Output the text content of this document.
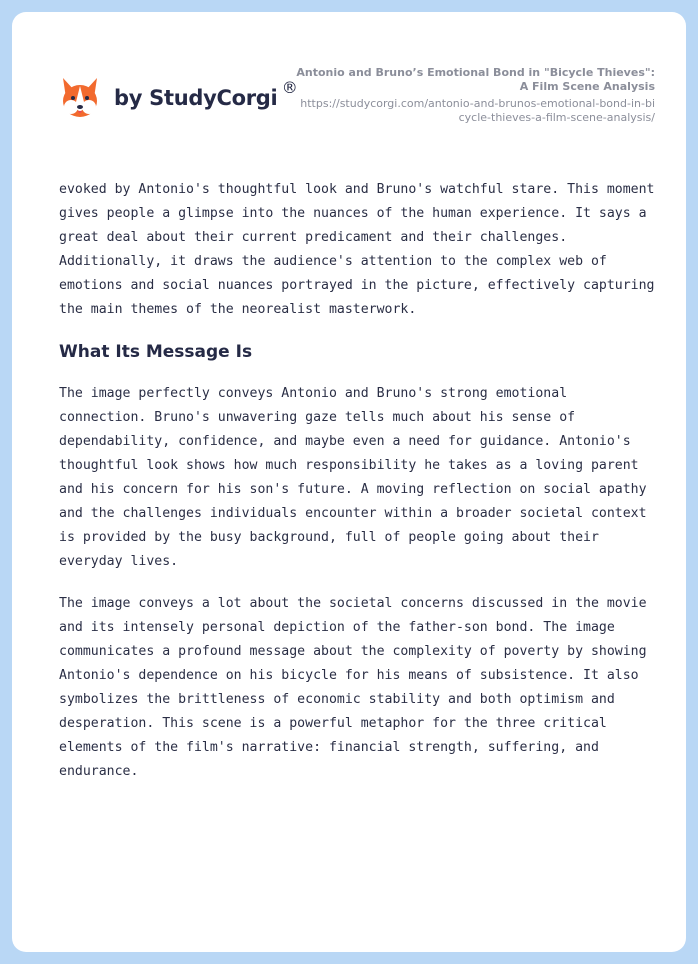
by StudyCorgi ®
Antonio and Bruno’s Emotional Bond in "Bicycle Thieves": A Film Scene Analysis
https://studycorgi.com/antonio-and-brunos-emotional-bond-in-bicycle-thieves-a-film-scene-analysis/

evoked by Antonio's thoughtful look and Bruno's watchful stare. This moment gives people a glimpse into the nuances of the human experience. It says a great deal about their current predicament and their challenges. Additionally, it draws the audience's attention to the complex web of emotions and social nuances portrayed in the picture, effectively capturing the main themes of the neorealist masterwork.

What Its Message Is

The image perfectly conveys Antonio and Bruno's strong emotional connection. Bruno's unwavering gaze tells much about his sense of dependability, confidence, and maybe even a need for guidance. Antonio's thoughtful look shows how much responsibility he takes as a loving parent and his concern for his son's future. A moving reflection on social apathy and the challenges individuals encounter within a broader societal context is provided by the busy background, full of people going about their everyday lives.

The image conveys a lot about the societal concerns discussed in the movie and its intensely personal depiction of the father-son bond. The image communicates a profound message about the complexity of poverty by showing Antonio's dependence on his bicycle for his means of subsistence. It also symbolizes the brittleness of economic stability and both optimism and desperation. This scene is a powerful metaphor for the three critical elements of the film's narrative: financial strength, suffering, and endurance.
